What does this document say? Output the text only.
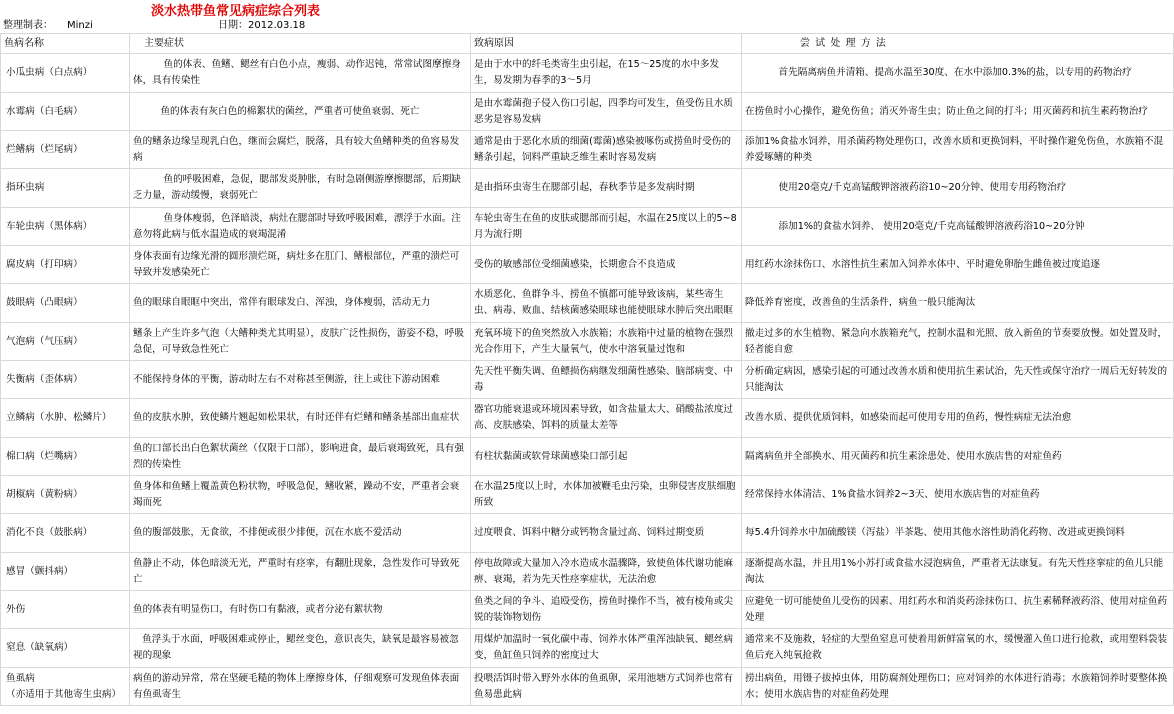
淡水热带鱼常见病症综合列表
整理制表： Minzi	日期：2012.03.18
鱼病名称	主要症状	致病原因	尝 试 处 理 方 法
小瓜虫病（白点病）	鱼的体表、鱼鳍、鳃丝有白色小点，瘦弱、动作迟钝，常常试图摩擦身体，具有传染性	是由于水中的纤毛类寄生虫引起，在15～25度的水中多发生，易发期为春季的3～5月	首先隔离病鱼并清箱、提高水温至30度、在水中添加0.3%的盐，以专用的药物治疗
水霉病（白毛病）	鱼的体表有灰白色的棉絮状的菌丝，严重者可使鱼衰弱、死亡	是由水霉菌孢子侵入伤口引起，四季均可发生，鱼受伤且水质恶劣是容易发病	在捞鱼时小心操作，避免伤鱼；消灭外寄生虫；防止鱼之间的打斗；用灭菌药和抗生素药物治疗
烂鳍病（烂尾病）	鱼的鳍条边缘呈现乳白色，继而会腐烂，脱落，具有较大鱼鳍种类的鱼容易发病	通常是由于恶化水质的细菌(霉菌)感染被啄伤或捞鱼时受伤的鳍条引起，饲料严重缺乏维生素时容易发病	添加1%食盐水饲养，用杀菌药物处理伤口，改善水质和更换饲料，平时操作避免伤鱼，水族箱不混养爱啄鳍的种类
指环虫病	鱼的呼吸困难，急促，腮部发炎肿胀，有时急剧侧游摩擦腮部，后期缺乏力量，游动缓慢，衰弱死亡	是由指环虫寄生在腮部引起，春秋季节是多发病时期	使用20毫克/千克高锰酸钾溶液药浴10~20分钟、使用专用药物治疗
车轮虫病（黑体病）	鱼身体瘦弱，色泽暗淡，病灶在腮部时导致呼吸困难，漂浮于水面。注意勿将此病与低水温造成的衰竭混淆	车轮虫寄生在鱼的皮肤或腮部而引起，水温在25度以上的5~8月为流行期	添加1%的食盐水饲养、 使用20毫克/千克高锰酸钾溶液药浴10~20分钟
腐皮病（打印病）	身体表面有边缘光滑的圆形溃烂斑，病灶多在肛门、鳍根部位，严重的溃烂可导致并发感染死亡	受伤的敏感部位受细菌感染，长期愈合不良造成	用红药水涂抹伤口、水溶性抗生素加入饲养水体中、平时避免卵胎生雌鱼被过度追逐
鼓眼病（凸眼病）	鱼的眼球自眼眶中突出，常伴有眼球发白、浑浊，身体瘦弱，活动无力	水质恶化、鱼群争斗、捞鱼不慎都可能导致该病，某些寄生虫、病毒、败血、结核菌感染眼球也能使眼球水肿后突出眼眶	降低养育密度，改善鱼的生活条件，病鱼一般只能淘汰
气泡病（气压病）	鳍条上产生许多气泡（大鳍种类尤其明显），皮肤广泛性损伤，游姿不稳，呼吸急促，可导致急性死亡	充氧环境下的鱼突然放入水族箱；水族箱中过量的植物在强烈光合作用下，产生大量氧气，使水中溶氧量过饱和	撤走过多的水生植物、紧急向水族箱充气，控制水温和光照、放入新鱼的节奏要放慢。如处置及时，轻者能自愈
失衡病（歪体病）	不能保持身体的平衡，游动时左右不对称甚至侧游，往上或往下游动困难	先天性平衡失调、鱼鳔损伤病继发细菌性感染、脑部病变、中毒	分析确定病因，感染引起的可通过改善水质和使用抗生素试治，先天性或保守治疗一周后无好转发的只能淘汰
立鳞病（水肿、松鳞片）	鱼的皮肤水肿，致使鳞片翘起如松果状，有时还伴有烂鳍和鳍条基部出血症状	器官功能衰退或环境因素导致，如含盐量太大、硝酸盐浓度过高、皮肤感染、饵料的质量太差等	改善水质、提供优质饲料，如感染而起可使用专用的鱼药，慢性病症无法治愈
棉口病（烂嘴病）	鱼的口部长出白色絮状菌丝（仅限于口部），影响进食，最后衰竭致死，具有强烈的传染性	有柱状黏菌或软骨球菌感染口部引起	隔离病鱼并全部换水、用灭菌药和抗生素涂患处、使用水族店售的对症鱼药
胡椒病（黄粉病）	鱼身体和鱼鳍上覆盖黄色粉状物，呼吸急促，鳍收紧，躁动不安，严重者会衰竭而死	在水温25度以上时，水体加被鞭毛虫污染，虫卵侵害皮肤细胞所致	经常保持水体清洁、1%食盐水饲养2~3天、使用水族店售的对症鱼药
消化不良（鼓胀病）	鱼的腹部鼓胀，无食欲，不排便或很少排便，沉在水底不爱活动	过度喂食、饵料中糖分或钙物含量过高、饲料过期变质	每5.4升饲养水中加硫酸镁（泻盐）半茶匙、使用其他水溶性助消化药物、改进或更换饲料
感冒（颤抖病）	鱼静止不动，体色暗淡无光，严重时有痉挛，有翻肚现象，急性发作可导致死亡	停电故障或大量加入冷水造成水温骤降，致使鱼体代谢功能麻痹、衰竭，若为先天性痉挛症状，无法治愈	逐渐提高水温，并且用1%小苏打或食盐水浸泡病鱼，严重者无法康复。有先天性痉挛症的鱼儿只能淘汰
外伤	鱼的体表有明显伤口，有时伤口有黏液，或者分泌有絮状物	鱼类之间的争斗、追殴受伤，捞鱼时操作不当，被有棱角或尖锐的装饰物划伤	应避免一切可能使鱼儿受伤的因素、用红药水和消炎药涂抹伤口、抗生素稀释液药浴、使用对症鱼药处理
窒息（缺氧病）	鱼浮头于水面，呼吸困难或停止，鳃丝变色，意识丧失，缺氧是最容易被忽视的现象	用煤炉加温时一氧化碳中毒、饲养水体严重浑浊缺氧、鳃丝病变，鱼缸鱼只饲养的密度过大	通常来不及施救，轻症的大型鱼窒息可使着用新鲜富氧的水，缓慢灌入鱼口进行抢救，或用塑料袋装鱼后充入纯氧抢救
鱼虱病
（亦适用于其他寄生虫病）	病鱼的游动异常，常在坚硬毛糙的物体上摩擦身体，仔细观察可发现鱼体表面有鱼虱寄生	投喂活饵时带入野外水体的鱼虱卵，采用池塘方式饲养也常有鱼易患此病	捞出病鱼，用镊子拔掉虫体，用防腐剂处理伤口；应对饲养的水体进行消毒；水族箱饲养时要整体换水；使用水族店售的对症鱼药处理
